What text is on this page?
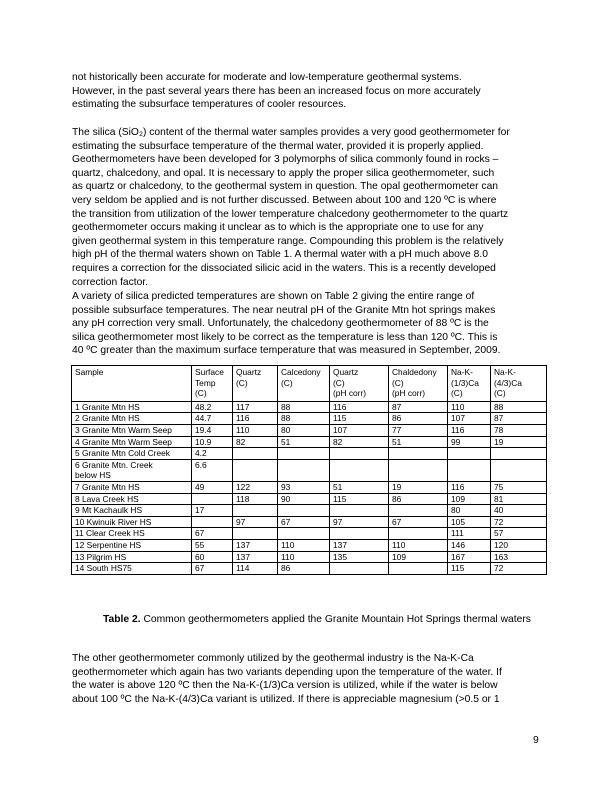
not historically been accurate for moderate and low-temperature geothermal systems.
However, in the past several years there has been an increased focus on more accurately
estimating the subsurface temperatures of cooler resources.

The silica (SiO₂) content of the thermal water samples provides a very good geothermometer for
estimating the subsurface temperature of the thermal water, provided it is properly applied.
Geothermometers have been developed for 3 polymorphs of silica commonly found in rocks –
quartz, chalcedony, and opal. It is necessary to apply the proper silica geothermometer, such
as quartz or chalcedony, to the geothermal system in question. The opal geothermometer can
very seldom be applied and is not further discussed. Between about 100 and 120 ºC is where
the transition from utilization of the lower temperature chalcedony geothermometer to the quartz
geothermometer occurs making it unclear as to which is the appropriate one to use for any
given geothermal system in this temperature range. Compounding this problem is the relatively
high pH of the thermal waters shown on Table 1. A thermal water with a pH much above 8.0
requires a correction for the dissociated silicic acid in the waters. This is a recently developed
correction factor.

A variety of silica predicted temperatures are shown on Table 2 giving the entire range of
possible subsurface temperatures. The near neutral pH of the Granite Mtn hot springs makes
any pH correction very small. Unfortunately, the chalcedony geothermometer of 88 ºC is the
silica geothermometer most likely to be correct as the temperature is less than 120 ºC. This is
40 ºC greater than the maximum surface temperature that was measured in September, 2009.

Sample	Surface
Temp
(C)	Quartz
(C)	Calcedony
(C)	Quartz
(C)
(pH corr)	Chaldedony
(C)
(pH corr)	Na-K-
(1/3)Ca
(C)	Na-K-
(4/3)Ca
(C)
1 Granite Mtn HS	48.2	117	88	116	87	110	88
2 Granite Mtn HS	44.7	116	88	115	86	107	87
3 Granite Mtn Warm Seep	19.4	110	80	107	77	116	78
4 Granite Mtn Warm Seep	10.9	82	51	82	51	99	19
5 Granite Mtn Cold Creek	4.2						
6 Granite Mtn. Creek
below HS	6.6						
7 Granite Mtn HS	49	122	93	51	19	116	75
8 Lava Creek HS		118	90	115	86	109	81
9 Mt Kachaulk HS	17					80	40
10 Kwinuik River HS		97	67	97	67	105	72
11 Clear Creek HS	67					111	57
12 Serpentine HS	55	137	110	137	110	146	120
13 Pilgrim HS	60	137	110	135	109	167	163
14 South HS75	67	114	86			115	72

Table 2. Common geothermometers applied the Granite Mountain Hot Springs thermal waters

The other geothermometer commonly utilized by the geothermal industry is the Na-K-Ca
geothermometer which again has two variants depending upon the temperature of the water. If
the water is above 120 ºC then the Na-K-(1/3)Ca version is utilized, while if the water is below
about 100 ºC the Na-K-(4/3)Ca variant is utilized. If there is appreciable magnesium (>0.5 or 1

9
